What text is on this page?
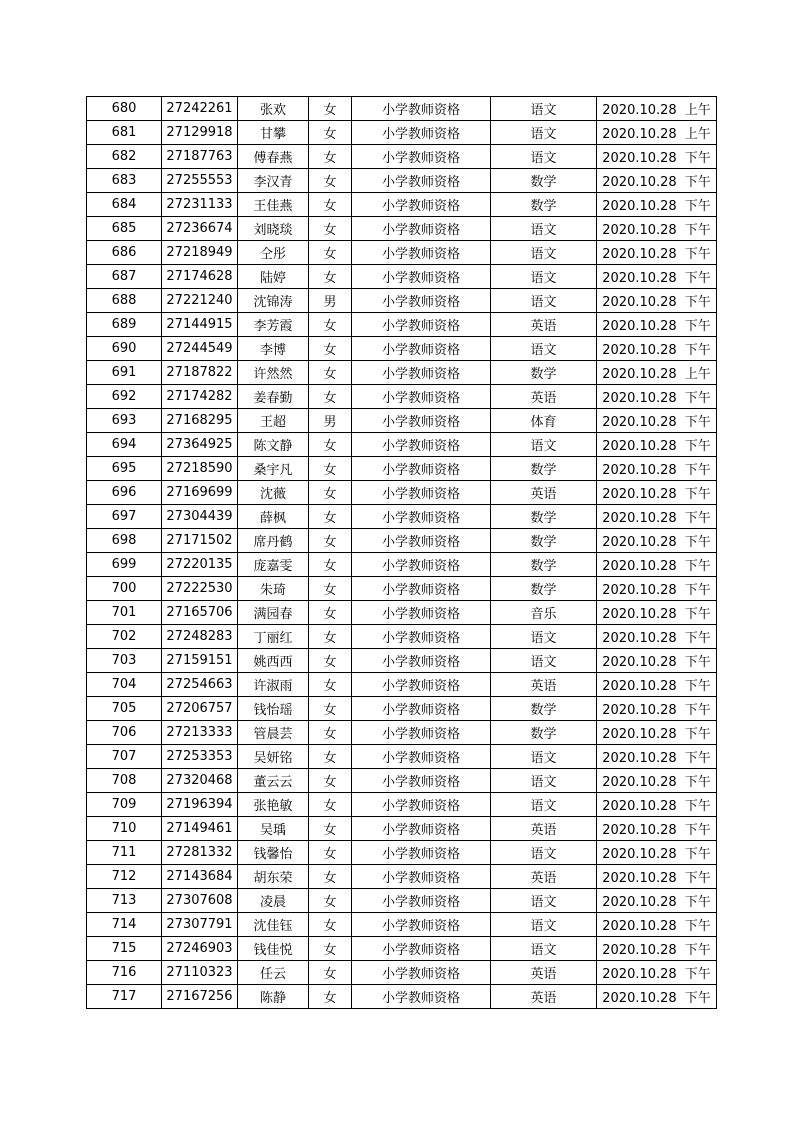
680	27242261	张欢	女	小学教师资格	语文	2020.10.28 上午
681	27129918	甘攀	女	小学教师资格	语文	2020.10.28 上午
682	27187763	傅春燕	女	小学教师资格	语文	2020.10.28 下午
683	27255553	李汉青	女	小学教师资格	数学	2020.10.28 下午
684	27231133	王佳燕	女	小学教师资格	数学	2020.10.28 下午
685	27236674	刘晓琰	女	小学教师资格	语文	2020.10.28 下午
686	27218949	仝彤	女	小学教师资格	语文	2020.10.28 下午
687	27174628	陆婷	女	小学教师资格	语文	2020.10.28 下午
688	27221240	沈锦涛	男	小学教师资格	语文	2020.10.28 下午
689	27144915	李芳霞	女	小学教师资格	英语	2020.10.28 下午
690	27244549	李博	女	小学教师资格	语文	2020.10.28 下午
691	27187822	许然然	女	小学教师资格	数学	2020.10.28 上午
692	27174282	姜春勤	女	小学教师资格	英语	2020.10.28 下午
693	27168295	王超	男	小学教师资格	体育	2020.10.28 下午
694	27364925	陈文静	女	小学教师资格	语文	2020.10.28 下午
695	27218590	桑宇凡	女	小学教师资格	数学	2020.10.28 下午
696	27169699	沈薇	女	小学教师资格	英语	2020.10.28 下午
697	27304439	薛枫	女	小学教师资格	数学	2020.10.28 下午
698	27171502	席丹鹤	女	小学教师资格	数学	2020.10.28 下午
699	27220135	庞嘉雯	女	小学教师资格	数学	2020.10.28 下午
700	27222530	朱琦	女	小学教师资格	数学	2020.10.28 下午
701	27165706	满园春	女	小学教师资格	音乐	2020.10.28 下午
702	27248283	丁丽红	女	小学教师资格	语文	2020.10.28 下午
703	27159151	姚西西	女	小学教师资格	语文	2020.10.28 下午
704	27254663	许淑雨	女	小学教师资格	英语	2020.10.28 下午
705	27206757	钱怡瑶	女	小学教师资格	数学	2020.10.28 下午
706	27213333	管晨芸	女	小学教师资格	数学	2020.10.28 下午
707	27253353	吴妍铭	女	小学教师资格	语文	2020.10.28 下午
708	27320468	董云云	女	小学教师资格	语文	2020.10.28 下午
709	27196394	张艳敏	女	小学教师资格	语文	2020.10.28 下午
710	27149461	吴瑀	女	小学教师资格	英语	2020.10.28 下午
711	27281332	钱馨怡	女	小学教师资格	语文	2020.10.28 下午
712	27143684	胡东荣	女	小学教师资格	英语	2020.10.28 下午
713	27307608	凌晨	女	小学教师资格	语文	2020.10.28 下午
714	27307791	沈佳钰	女	小学教师资格	语文	2020.10.28 下午
715	27246903	钱佳悦	女	小学教师资格	语文	2020.10.28 下午
716	27110323	任云	女	小学教师资格	英语	2020.10.28 下午
717	27167256	陈静	女	小学教师资格	英语	2020.10.28 下午
